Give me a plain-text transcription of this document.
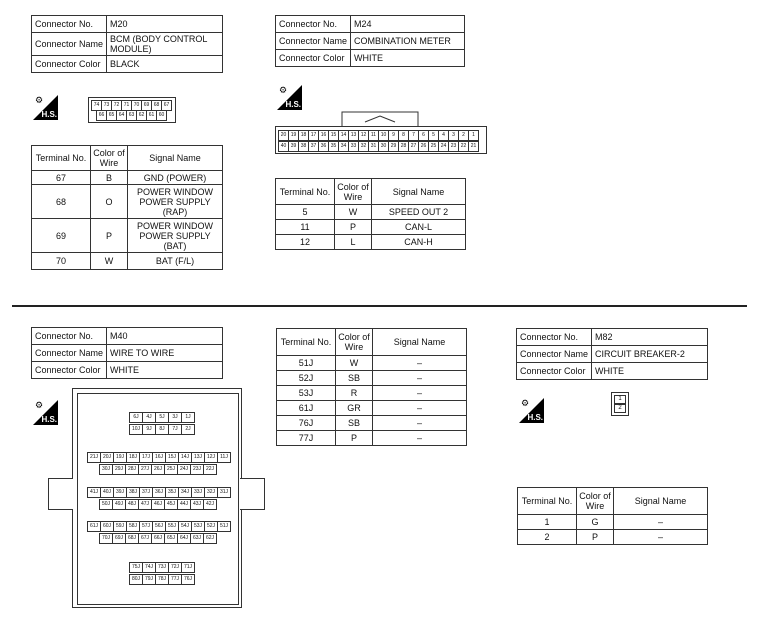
Connector No.	M20
Connector Name	BCM (BODY CONTROL MODULE)
Connector Color	BLACK
⚙
H.S.
74 73 72 71 70 69 68 67
66 65 64 63 62 61 60
Terminal No.	Color of Wire	Signal Name
67	B	GND (POWER)
68	O	POWER WINDOW POWER SUPPLY (RAP)
69	P	POWER WINDOW POWER SUPPLY (BAT)
70	W	BAT (F/L)
Connector No.	M24
Connector Name	COMBINATION METER
Connector Color	WHITE
⚙
H.S.
20 19 18 17 16 15 14 13 12 11 10	9	8	7	6	5	4	3	2	1
40 39 38 37 36 35 34 33 32 31 30 29 28 27 26 25 24 23 22 21
Terminal No.	Color of Wire	Signal Name
5	W	SPEED OUT 2
11	P	CAN-L
12	L	CAN-H
Connector No.	M40
Connector Name	WIRE TO WIRE
Connector Color	WHITE
⚙
H.S.	6J	4J	5J	3J	1J
10J	9J	8J	7J	2J
21J 20J 19J 18J 17J 16J 15J 14J 13J 12J	11J
30J 29J 28J 27J 26J 25J 24J 23J 22J
41J 40J 39J 38J 37J 36J 35J 34J 33J 32J 31J
50J 49J 48J 47J 46J 45J 44J 43J 42J
61J 60J 59J 58J 57J 56J 55J 54J 53J 52J 51J
70J 69J 68J 67J 66J 65J 64J 63J 62J
75J 74J 73J 72J 71J
80J 79J 78J 77J 76J
Terminal No.	Color of Wire	Signal Name
51J	W	–
52J	SB	–
53J	R	–
61J	GR	–
76J	SB	–
77J	P	–
Connector No.	M82
Connector Name	CIRCUIT BREAKER-2
Connector Color	WHITE
⚙
H.S.
1
2
Terminal No.	Color of Wire	Signal Name
1	G	–
2	P	–
